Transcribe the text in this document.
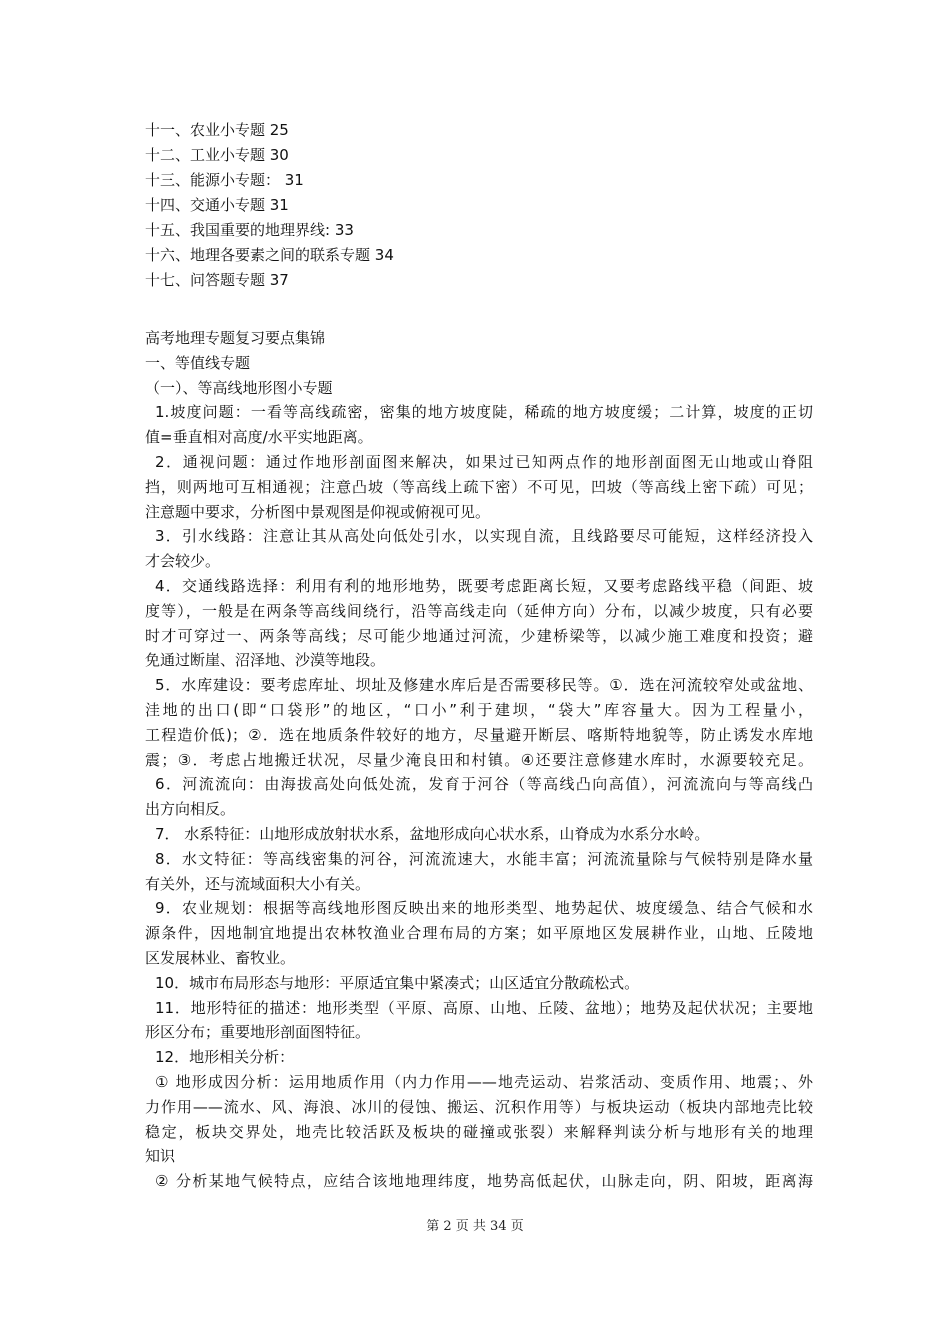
十一、农业小专题 25
十二、工业小专题 30
十三、能源小专题： 31
十四、交通小专题 31
十五、我国重要的地理界线: 33
十六、地理各要素之间的联系专题 34
十七、问答题专题 37
高考地理专题复习要点集锦
一、等值线专题
（一）、等高线地形图小专题
1.坡度问题：一看等高线疏密，密集的地方坡度陡，稀疏的地方坡度缓；二计算，坡度的正切
值=垂直相对高度/水平实地距离。
2．通视问题：通过作地形剖面图来解决，如果过已知两点作的地形剖面图无山地或山脊阻
挡，则两地可互相通视；注意凸坡（等高线上疏下密）不可见，凹坡（等高线上密下疏）可见；
注意题中要求，分析图中景观图是仰视或俯视可见。
3．引水线路：注意让其从高处向低处引水，以实现自流，且线路要尽可能短，这样经济投入
才会较少。
4．交通线路选择：利用有利的地形地势，既要考虑距离长短，又要考虑路线平稳（间距、坡
度等），一般是在两条等高线间绕行，沿等高线走向（延伸方向）分布，以减少坡度，只有必要
时才可穿过一、两条等高线；尽可能少地通过河流，少建桥梁等，以减少施工难度和投资；避
免通过断崖、沼泽地、沙漠等地段。
5．水库建设：要考虑库址、坝址及修建水库后是否需要移民等。①．选在河流较窄处或盆地、
洼地的出口(即“口袋形”的地区，“口小”利于建坝，“袋大”库容量大。因为工程量小，
工程造价低)；②．选在地质条件较好的地方，尽量避开断层、喀斯特地貌等，防止诱发水库地
震；③．考虑占地搬迁状况，尽量少淹良田和村镇。④还要注意修建水库时，水源要较充足。
6．河流流向：由海拔高处向低处流，发育于河谷（等高线凸向高值），河流流向与等高线凸
出方向相反。
7． 水系特征：山地形成放射状水系，盆地形成向心状水系，山脊成为水系分水岭。
8．水文特征：等高线密集的河谷，河流流速大，水能丰富；河流流量除与气候特别是降水量
有关外，还与流域面积大小有关。
9．农业规划：根据等高线地形图反映出来的地形类型、地势起伏、坡度缓急、结合气候和水
源条件，因地制宜地提出农林牧渔业合理布局的方案；如平原地区发展耕作业，山地、丘陵地
区发展林业、畜牧业。
10．城市布局形态与地形：平原适宜集中紧凑式；山区适宜分散疏松式。
11．地形特征的描述：地形类型（平原、高原、山地、丘陵、盆地）；地势及起伏状况；主要地
形区分布；重要地形剖面图特征。
12．地形相关分析：
① 地形成因分析：运用地质作用（内力作用——地壳运动、岩浆活动、变质作用、地震；、外
力作用——流水、风、海浪、冰川的侵蚀、搬运、沉积作用等）与板块运动（板块内部地壳比较
稳定，板块交界处，地壳比较活跃及板块的碰撞或张裂）来解释判读分析与地形有关的地理
知识
② 分析某地气候特点，应结合该地地理纬度，地势高低起伏，山脉走向，阴、阳坡，距离海
第 2 页 共 34 页
